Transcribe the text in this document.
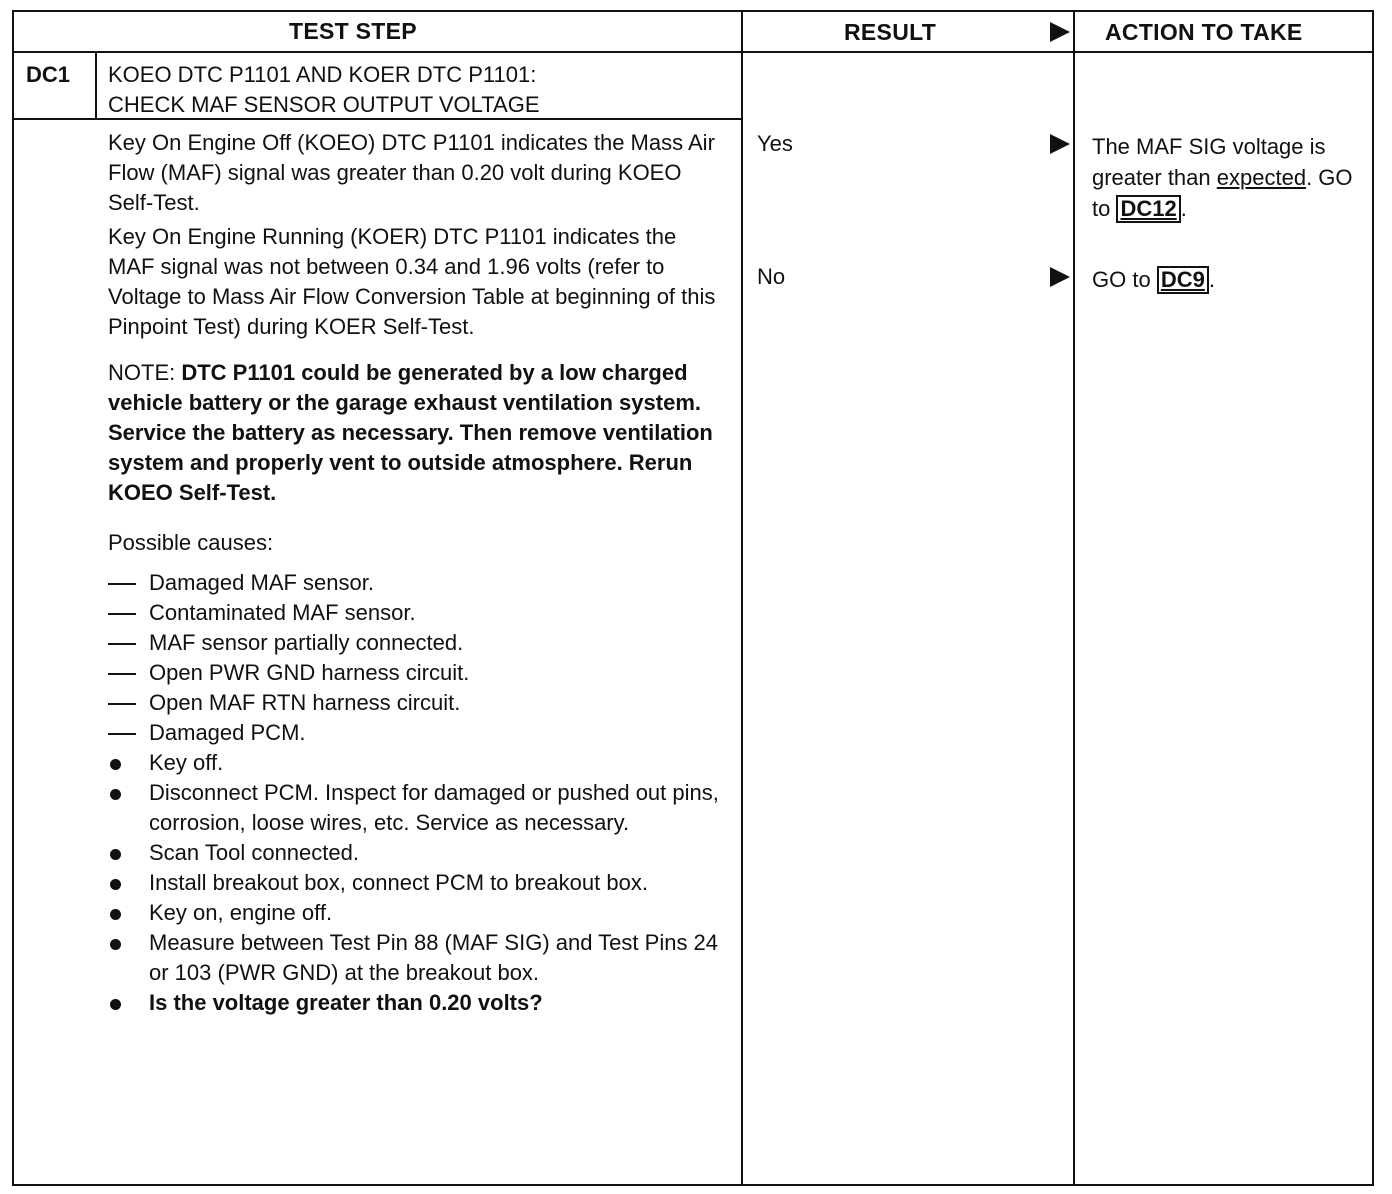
TEST STEP	RESULT	ACTION TO TAKE
DC1 KOEO DTC P1101 AND KOER DTC P1101:
CHECK MAF SENSOR OUTPUT VOLTAGE

Key On Engine Off (KOEO) DTC P1101 indicates the Mass Air Flow (MAF) signal was greater than 0.20 volt during KOEO Self-Test.

Key On Engine Running (KOER) DTC P1101 indicates the MAF signal was not between 0.34 and 1.96 volts (refer to Voltage to Mass Air Flow Conversion Table at beginning of this Pinpoint Test) during KOER Self-Test.

NOTE: DTC P1101 could be generated by a low charged vehicle battery or the garage exhaust ventilation system. Service the battery as necessary. Then remove ventilation system and properly vent to outside atmosphere. Rerun KOEO Self-Test.

Possible causes:

Damaged MAF sensor.
Contaminated MAF sensor.
MAF sensor partially connected.
Open PWR GND harness circuit.
Open MAF RTN harness circuit.
Damaged PCM.
Key off.
Disconnect PCM. Inspect for damaged or pushed out pins, corrosion, loose wires, etc. Service as necessary.
Scan Tool connected.
Install breakout box, connect PCM to breakout box.
Key on, engine off.
Measure between Test Pin 88 (MAF SIG) and Test Pins 24 or 103 (PWR GND) at the breakout box.
Is the voltage greater than 0.20 volts?
Yes
No
The MAF SIG voltage is greater than expected. GO to DC12 .
GO to DC9 .
